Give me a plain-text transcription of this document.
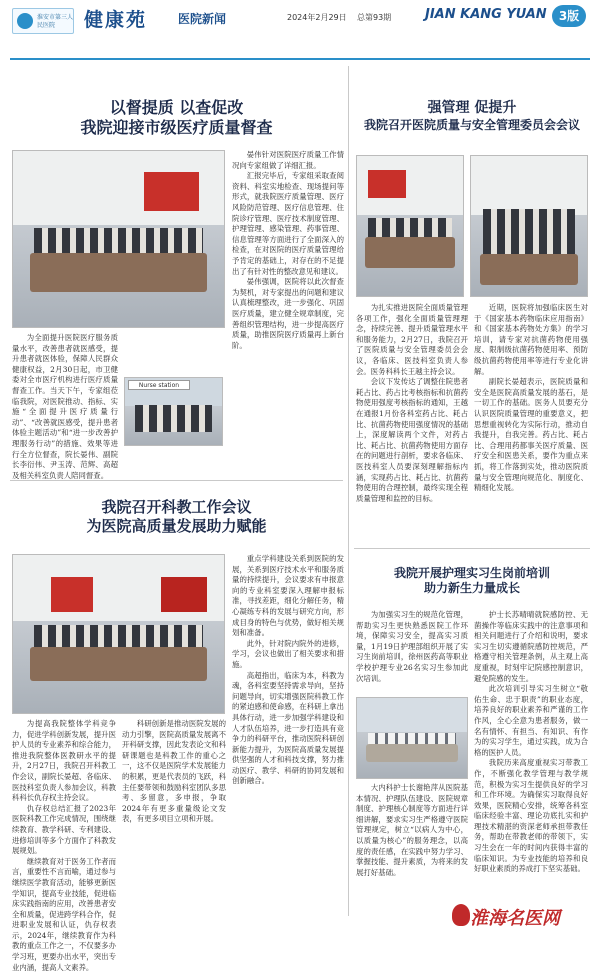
淮安市第三人民医院	健康苑	医院新闻	2024年2月29日 总第93期	JIAN KANG YUAN	3版
以督提质 以查促改
我院迎接市级医疗质量督查

为全面提升医院医疗服务质量水平，改善患者就医感受，提升患者就医体验，保障人民群众健康权益，2月30日起，市卫健委对全市医疗机构进行医疗质量督查工作。当天下午，专家组莅临我院，对医院推动、指标、实施“全面提升医疗质量行动”、“改善就医感受，提升患者体验主题活动”和“进一步改善护理服务行动”的措施、效果等进行全方位督查，院长晏伟、副院长李衍伟、尹玉涛、范辉、高超及相关科室负责人陪同督查。

晏伟针对医院医疗质量工作情况向专家组做了详细汇报。

汇报完毕后，专家组采取查阅资料、科室实地检查、现场提问等形式，就我院医疗质量管理、医疗风险防范管理、医疗信息管理、住院诊疗管理、医疗技术制度管理、护理管理、感染管理、药事管理、信息管理等方面进行了全面深入的检查，在对医院的医疗质量管理给予肯定的基础上，对存在的不足提出了有针对性的整改意见和建议。

晏伟强调，医院将以此次督查为契机，对专家提出的问题和建议认真梳理整改，进一步强化、巩固医疗质量，建立健全规章制度，完善组织管理结构，进一步提高医疗质量，助推医院医疗质量再上新台阶。

Nurse station
强管理 促提升
我院召开医院质量与安全管理委员会会议

为扎实推进医院全面质量管理各项工作，强化全面质量管理理念，持续完善、提升质量管理水平和服务能力，2月27日，我院召开了医院质量与安全管理委员会会议，各临床、医技科室负责人参会。医务科科长王越主持会议。

会议下发传达了调整住院患者耗占比、药占比考核指标和抗菌药物使用强度考核指标的通知，王越在通报1月份各科室药占比、耗占比、抗菌药物使用强度情况的基础上，深度解读两个文件，对药占比、耗占比、抗菌药物使用方面存在的问题进行剖析，要求各临床、医技科室人员要深刻理解指标内涵，实现药占比、耗占比、抗菌药物使用的合理控制，最终实现全程质量管理和监控的目标。

近期，医院将加强临床医生对于《国家基本药物临床应用指南》和《国家基本药物处方集》的学习培训，请专家对抗菌药物使用强度、限制级抗菌药物使用率、预防级抗菌药物使用率等进行专业化讲解。

副院长晏超表示，医院质量和安全是医院高质量发展的基石，是一切工作的基础。医务人员要充分认识医院质量管理的重要意义，把思想重视转化为实际行动，推动自我提升，自我完善。药占比、耗占比、合理用药都事关医疗质量、医疗安全和医患关系，要作为重点来抓，将工作落到实处，推动医院质量与安全管理向规范化、制度化、精细化发展。

我院召开科教工作会议
为医院高质量发展助力赋能

为提高我院整体学科竞争力，促进学科创新发展，提升医护人员的专业素养和综合能力，推进我院整体医教研水平的提升，2月27日，我院召开科教工作会议，副院长晏超、各临床、医技科室负责人参加会议，科教科科长仇存权主持会议。

仇存权总结汇报了2023年医院科教工作完成情况，围绕继续教育、教学科研、专利建设、进修培训等多个方面作了科教发展规划。

继续教育对于医务工作者而言，重要性不言而喻，通过参与继续医学教育活动，能够更新医学知识，提高专业技能，促进临床实践指南的应用，改善患者安全和质量，促进跨学科合作，促进职业发展和认证，仇存权表示，2024年，继续教育作为科教的重点工作之一，不仅要多办学习班，更要办出水平，突出专业内涵，提高人文素养。

科研创新是推动医院发展的动力引擎，医院高质量发展离不开科研支撑，因此发表论文和科研课题也是科教工作的重心之一，这不仅是医院学术发展能力的积累，更是代表员的飞跃，科主任要带领和鼓励科室团队多思考、多留意，多申报，争取2024年有更多重量级论文发表，有更多项目立项和开展。

重点学科建设关系到医院的发展，关系到医疗技术水平和服务质量的持续提升，会议要求有申报意向的专业科室要深入理解申报标准，寻找差距，细化分解任务，精心凝练专科的发展与研究方向，形成目身的特色与优势，做好相关规划和准备。

此外，针对院内院外的进修，学习，会议也做出了相关要求和措施。

高超指出，临床为本，科教为魂，各科室要坚持需求导向，坚持问题导向，切实增强医院科教工作的紧迫感和使命感，在科研上拿出具体行动，进一步加强学科建设和人才队伍培养，进一步打造具有竞争力的科研平台，推动医院科研创新能力提升，为医院高质量发展提供坚强的人才和科技支撑，努力推动医疗、教学、科研的协同发展和创新融合。

我院开展护理实习生岗前培训
助力新生力量成长

为加强实习生的规范化管理，帮助实习生更快熟悉医院工作环境，保障实习安全，提高实习质量，1月19日护理部组织开展了实习生岗前培训，徐州医药高等职业学校护理专业26名实习生参加此次培训。

大内科护士长谢艳萍从医院基本情况、护理队伍建设、医院规章制度、护理核心制度等方面进行详细讲解，要求实习生严格遵守医院管理规定，树立“以病人为中心，以质量为核心”的服务理念，以高度的责任感，在实践中努力学习、掌握技能、提升素质，为将来的发展打好基础。

护士长苏晴晴就院感防控、无菌操作等临床实践中的注意事项和相关问题进行了介绍和说明，要求实习生切实遵循院感防控规范，严格遵守相关管理条例，从主观上高度重视，时刻牢记院感控制意识，避免院感的发生。

此次培训引导实习生树立“敬佑生命、忠于职责”的职业态度，培养良好的职业素养和严谨的工作作风，全心全意为患者服务，做一名有情怀、有担当、有知识、有作为的实习学生，通过实践，成为合格的医护人员。

我院历来高度重视实习带教工作，不断强化教学管理与教学规范，积极为实习生提供良好的学习和工作环境。为确保实习取得良好效果，医院精心安排，统筹各科室临床经验丰富、理论功底扎实和护理技术精湛的资深老师承担带教任务，帮助在带教老师的带领下，实习生会在一年的时间内获得丰富的临床知识。为专业技能的培养和良好职业素质的养成打下坚实基础。

淮海名医网
